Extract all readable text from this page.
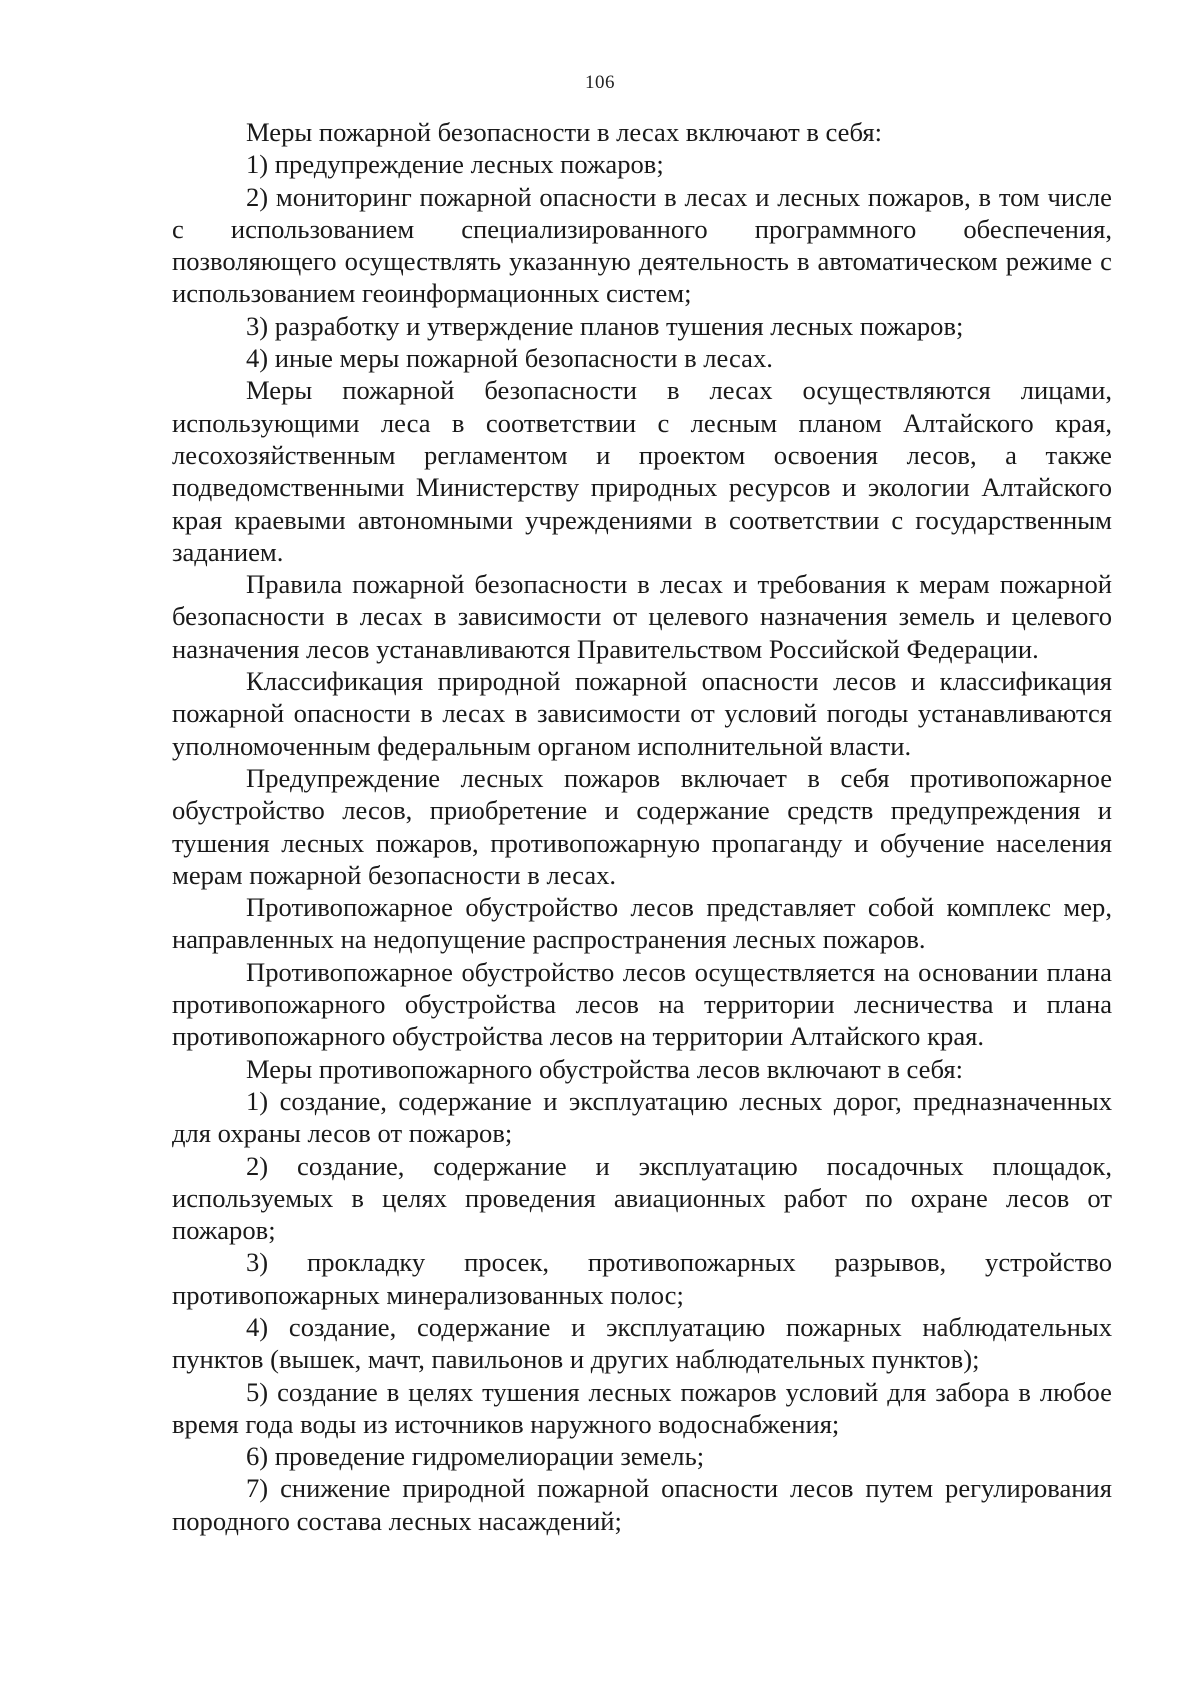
106

Меры пожарной безопасности в лесах включают в себя:

1) предупреждение лесных пожаров;

2) мониторинг пожарной опасности в лесах и лесных пожаров, в том числе с использованием специализированного программного обеспечения, позволяющего осуществлять указанную деятельность в автоматическом режиме с использованием геоинформационных систем;

3) разработку и утверждение планов тушения лесных пожаров;

4) иные меры пожарной безопасности в лесах.

Меры пожарной безопасности в лесах осуществляются лицами, использующими леса в соответствии с лесным планом Алтайского края, лесохозяйственным регламентом и проектом освоения лесов, а также подведомственными Министерству природных ресурсов и экологии Алтайского края краевыми автономными учреждениями в соответствии с государственным заданием.

Правила пожарной безопасности в лесах и требования к мерам пожарной безопасности в лесах в зависимости от целевого назначения земель и целевого назначения лесов устанавливаются Правительством Российской Федерации.

Классификация природной пожарной опасности лесов и классификация пожарной опасности в лесах в зависимости от условий погоды устанавливаются уполномоченным федеральным органом исполнительной власти.

Предупреждение лесных пожаров включает в себя противопожарное обустройство лесов, приобретение и содержание средств предупреждения и тушения лесных пожаров, противопожарную пропаганду и обучение населения мерам пожарной безопасности в лесах.

Противопожарное обустройство лесов представляет собой комплекс мер, направленных на недопущение распространения лесных пожаров.

Противопожарное обустройство лесов осуществляется на основании плана противопожарного обустройства лесов на территории лесничества и плана противопожарного обустройства лесов на территории Алтайского края.

Меры противопожарного обустройства лесов включают в себя:

1) создание, содержание и эксплуатацию лесных дорог, предназначенных для охраны лесов от пожаров;

2) создание, содержание и эксплуатацию посадочных площадок, используемых в целях проведения авиационных работ по охране лесов от пожаров;

3) прокладку просек, противопожарных разрывов, устройство противопожарных минерализованных полос;

4) создание, содержание и эксплуатацию пожарных наблюдательных пунктов (вышек, мачт, павильонов и других наблюдательных пунктов);

5) создание в целях тушения лесных пожаров условий для забора в любое время года воды из источников наружного водоснабжения;

6) проведение гидромелиорации земель;

7) снижение природной пожарной опасности лесов путем регулирования породного состава лесных насаждений;
